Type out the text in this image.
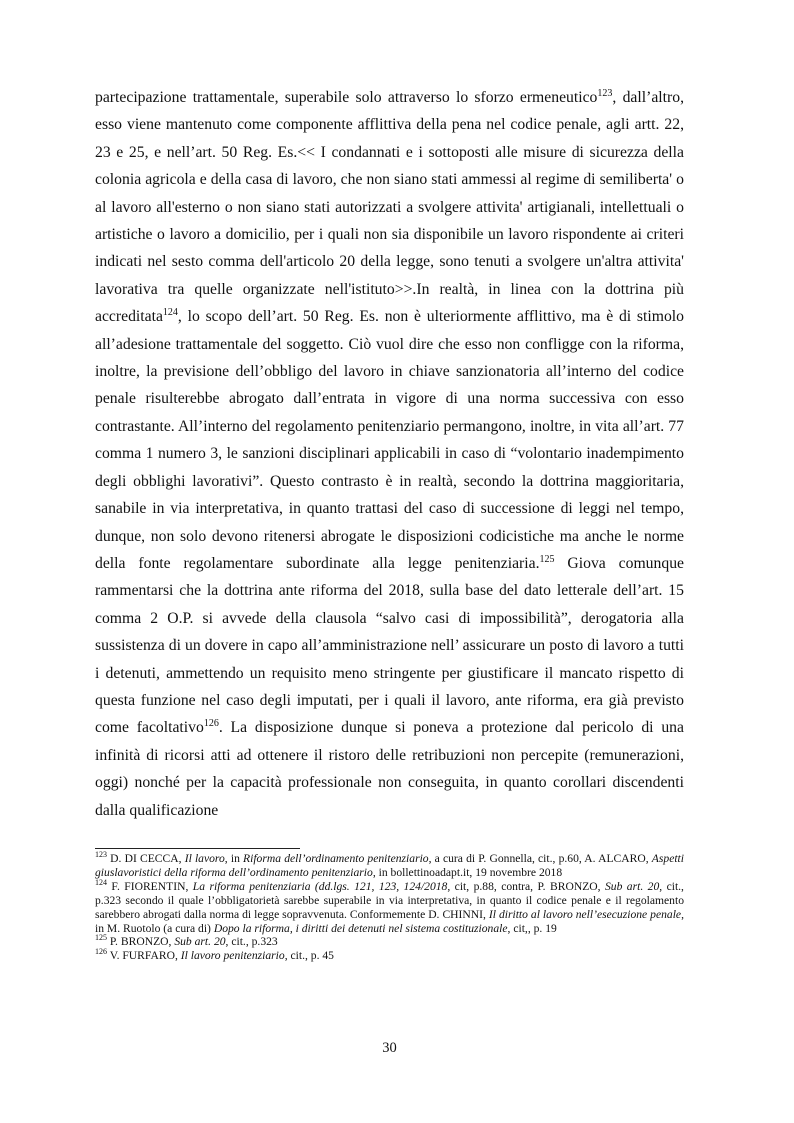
partecipazione trattamentale, superabile solo attraverso lo sforzo ermeneutico$^{123}$, dall’altro, esso viene mantenuto come componente afflittiva della pena nel codice penale, agli artt. 22, 23 e 25, e nell’art. 50 Reg. Es.<< I condannati e i sottoposti alle misure di sicurezza della colonia agricola e della casa di lavoro, che non siano stati ammessi al regime di semiliberta' o al lavoro all'esterno o non siano stati autorizzati a svolgere attivita' artigianali, intellettuali o artistiche o lavoro a domicilio, per i quali non sia disponibile un lavoro rispondente ai criteri indicati nel sesto comma dell'articolo 20 della legge, sono tenuti a svolgere un'altra attivita' lavorativa tra quelle organizzate nell'istituto>>.In realtà, in linea con la dottrina più accreditata$^{124}$, lo scopo dell’art. 50 Reg. Es. non è ulteriormente afflittivo, ma è di stimolo all’adesione trattamentale del soggetto. Ciò vuol dire che esso non confligge con la riforma, inoltre, la previsione dell’obbligo del lavoro in chiave sanzionatoria all’interno del codice penale risulterebbe abrogato dall’entrata in vigore di una norma successiva con esso contrastante. All’interno del regolamento penitenziario permangono, inoltre, in vita all’art. 77 comma 1 numero 3, le sanzioni disciplinari applicabili in caso di “volontario inadempimento degli obblighi lavorativi”. Questo contrasto è in realtà, secondo la dottrina maggioritaria, sanabile in via interpretativa, in quanto trattasi del caso di successione di leggi nel tempo, dunque, non solo devono ritenersi abrogate le disposizioni codicistiche ma anche le norme della fonte regolamentare subordinate alla legge penitenziaria.$^{125}$ Giova comunque rammentarsi che la dottrina ante riforma del 2018, sulla base del dato letterale dell’art. 15 comma 2 O.P. si avvede della clausola “salvo casi di impossibilità”, derogatoria alla sussistenza di un dovere in capo all’amministrazione nell’ assicurare un posto di lavoro a tutti i detenuti, ammettendo un requisito meno stringente per giustificare il mancato rispetto di questa funzione nel caso degli imputati, per i quali il lavoro, ante riforma, era già previsto come facoltativo$^{126}$. La disposizione dunque si poneva a protezione dal pericolo di una infinità di ricorsi atti ad ottenere il ristoro delle retribuzioni non percepite (remunerazioni, oggi) nonché per la capacità professionale non conseguita, in quanto corollari discendenti dalla qualificazione

$^{123}$ D. DI CECCA, Il lavoro, in Riforma dell’ordinamento penitenziario, a cura di P. Gonnella, cit., p.60, A. ALCARO, Aspetti giuslavoristici della riforma dell’ordinamento penitenziario, in bollettinoadapt.it, 19 novembre 2018

$^{124}$ F. FIORENTIN, La riforma penitenziaria (dd.lgs. 121, 123, 124/2018, cit, p.88, contra, P. BRONZO, Sub art. 20, cit., p.323 secondo il quale l’obbligatorietà sarebbe superabile in via interpretativa, in quanto il codice penale e il regolamento sarebbero abrogati dalla norma di legge sopravvenuta. Conformemente D. CHINNI, Il diritto al lavoro nell’esecuzione penale, in M. Ruotolo (a cura di) Dopo la riforma, i diritti dei detenuti nel sistema costituzionale, cit,, p. 19

$^{125}$ P. BRONZO, Sub art. 20, cit., p.323

$^{126}$ V. FURFARO, Il lavoro penitenziario, cit., p. 45

30
